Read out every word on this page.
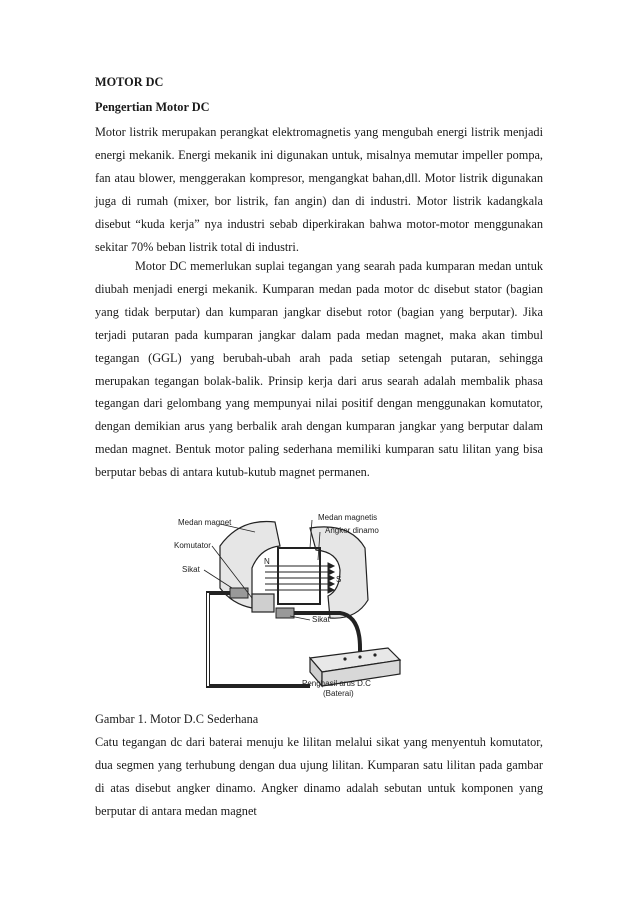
MOTOR DC

Pengertian Motor DC

Motor listrik merupakan perangkat elektromagnetis yang mengubah energi listrik menjadi energi mekanik. Energi mekanik ini digunakan untuk, misalnya memutar impeller pompa, fan atau blower, menggerakan kompresor, mengangkat bahan,dll. Motor listrik digunakan juga di rumah (mixer, bor listrik, fan angin) dan di industri. Motor listrik kadangkala disebut “kuda kerja” nya industri sebab diperkirakan bahwa motor-motor menggunakan sekitar 70% beban listrik total di industri.

Motor DC memerlukan suplai tegangan yang searah pada kumparan medan untuk diubah menjadi energi mekanik. Kumparan medan pada motor dc disebut stator (bagian yang tidak berputar) dan kumparan jangkar disebut rotor (bagian yang berputar). Jika terjadi putaran pada kumparan jangkar dalam pada medan magnet, maka akan timbul tegangan (GGL) yang berubah-ubah arah pada setiap setengah putaran, sehingga merupakan tegangan bolak-balik. Prinsip kerja dari arus searah adalah membalik phasa tegangan dari gelombang yang mempunyai nilai positif dengan menggunakan komutator, dengan demikian arus yang berbalik arah dengan kumparan jangkar yang berputar dalam medan magnet. Bentuk motor paling sederhana memiliki kumparan satu lilitan yang bisa berputar bebas di antara kutub-kutub magnet permanen.

Medan magnet
Komutator
Sikat
Medan magnetis
Angker dinamo
Sikat
Penghasil arus D.C
(Baterai)
N
S

Gambar 1. Motor D.C Sederhana

Catu tegangan dc dari baterai menuju ke lilitan melalui sikat yang menyentuh komutator, dua segmen yang terhubung dengan dua ujung lilitan. Kumparan satu lilitan pada gambar di atas disebut angker dinamo. Angker dinamo adalah sebutan untuk komponen yang berputar di antara medan magnet
